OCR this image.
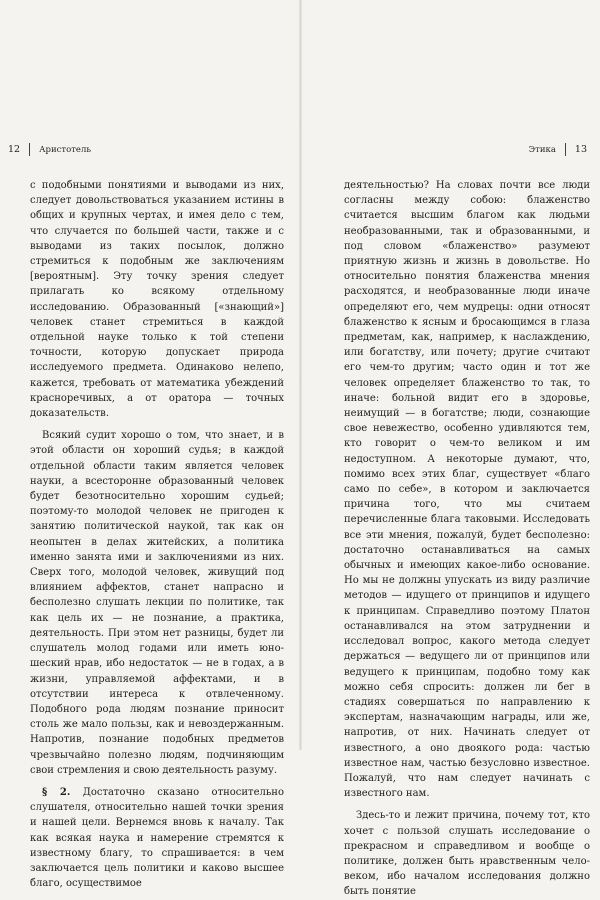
12 Аристотель

с подобными понятиями и выводами из них, следует довольствоваться указанием истины в общих и крупных чертах, и имея дело с тем, что случается по большей части, также и с выводами из таких посылок, должно стремиться к подобным же заключениям [вероятным]. Эту точку зрения следует прилагать ко всякому отдельному исследованию. Образованный [«знающий»] человек станет стремиться в каждой отдельной науке только к той степени точности, которую допускает природа исследуемого предмета. Одинаково нелепо, кажется, требовать от математика убеждений красноречивых, а от оратора — точных доказательств.

Всякий судит хорошо о том, что знает, и в этой области он хороший судья; в каждой отдельной области таким является человек науки, а всесторонне образованный человек будет безотносительно хорошим судьей; поэтому-то молодой человек не пригоден к занятию политической наукой, так как он неопытен в делах житейских, а политика именно занята ими и заключениями из них. Сверх того, молодой человек, живущий под влиянием аффектов, станет напрасно и бесполезно слушать лекции по политике, так как цель их — не познание, а практика, деятельность. При этом нет разницы, будет ли слушатель молод годами или иметь юношеский нрав, ибо недостаток — не в годах, а в жизни, управляемой аффектами, и в отсутствии интереса к отвлеченному. Подобного рода людям познание приносит столь же мало пользы, как и невоздержанным. Напротив, познание подобных предметов чрезвычайно полезно людям, подчиняющим свои стремления и свою деятельность разуму.

§ 2. Достаточно сказано относительно слушателя, относительно нашей точки зрения и нашей цели. Вернемся вновь к началу. Так как всякая наука и намерение стремятся к известному благу, то спрашивается: в чем заключается цель политики и каково высшее благо, осуществимое

Этика 13

деятельностью? На словах почти все люди согласны между собою: блаженство считается высшим благом как людьми необразованными, так и образованными, и под словом «блаженство» разумеют приятную жизнь и жизнь в довольстве. Но относительно понятия блаженства мнения расходятся, и необразованные люди иначе определяют его, чем мудрецы: одни относят блаженство к ясным и бросающимся в глаза предметам, как, например, к наслаждению, или богатству, или почету; другие считают его чем-то другим; часто один и тот же человек определяет блаженство то так, то иначе: больной видит его в здоровье, неимущий — в богатстве; люди, сознающие свое невежество, особенно удивляются тем, кто говорит о чем-то великом и им недоступном. А некоторые думают, что, помимо всех этих благ, существует «благо само по себе», в котором и заключается причина того, что мы считаем перечисленные блага таковыми. Исследовать все эти мнения, пожалуй, будет бесполезно: достаточно останавливаться на самых обычных и имеющих какое-либо основание. Но мы не должны упускать из виду различие методов — идущего от принципов и идущего к принципам. Справедливо поэтому Платон останавливался на этом затруднении и исследовал вопрос, какого метода следует держаться — ведущего ли от принципов или ведущего к принципам, подобно тому как можно себя спросить: должен ли бег в стадиях совершаться по направлению к экспертам, назначающим награды, или же, напротив, от них. Начинать следует от известного, а оно двоякого рода: частью известное нам, частью безусловно известное. Пожалуй, что нам следует начинать с известного нам.

Здесь-то и лежит причина, почему тот, кто хочет с пользой слушать исследование о прекрасном и справедливом и вообще о политике, должен быть нравственным человеком, ибо началом исследования должно быть понятие
